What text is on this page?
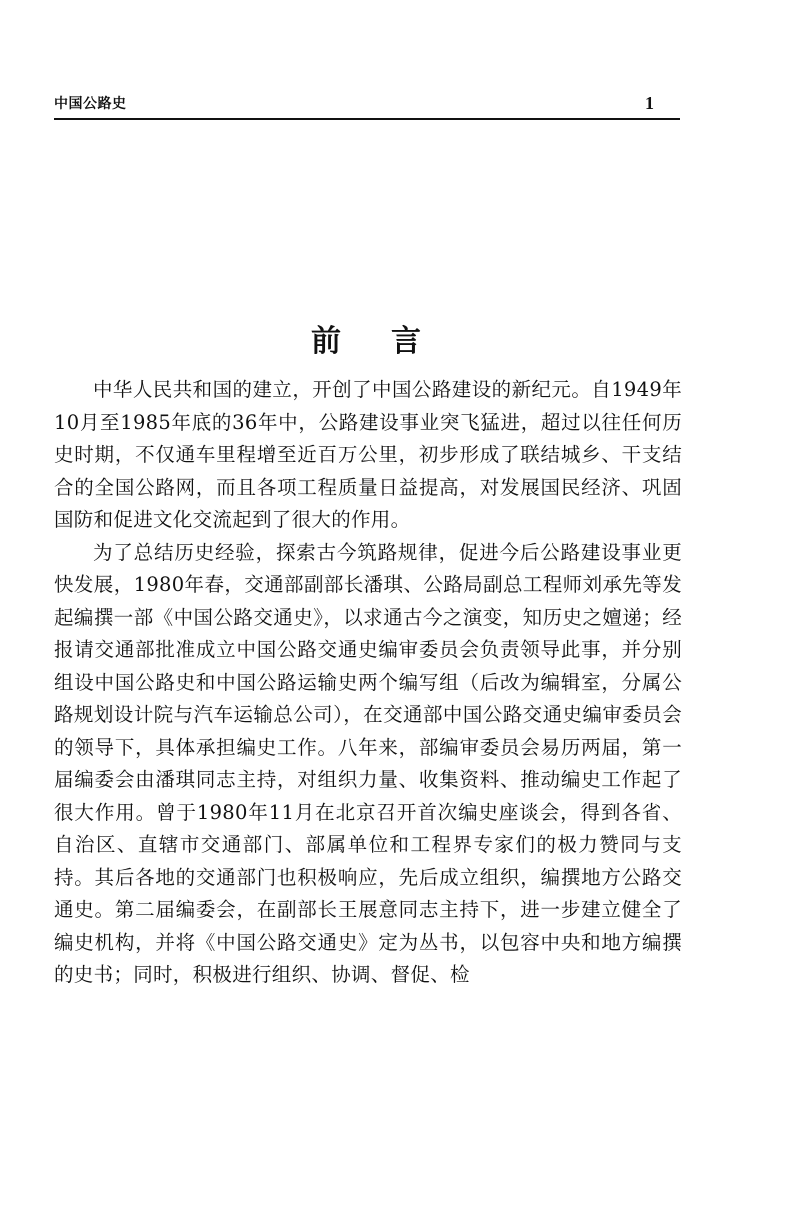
中国公路史	1
前言

中华人民共和国的建立，开创了中国公路建设的新纪元。自1949年10月至1985年底的36年中，公路建设事业突飞猛进，超过以往任何历史时期，不仅通车里程增至近百万公里，初步形成了联结城乡、干支结合的全国公路网，而且各项工程质量日益提高，对发展国民经济、巩固国防和促进文化交流起到了很大的作用。

为了总结历史经验，探索古今筑路规律，促进今后公路建设事业更快发展，1980年春，交通部副部长潘琪、公路局副总工程师刘承先等发起编撰一部《中国公路交通史》，以求通古今之演变，知历史之嬗递；经报请交通部批准成立中国公路交通史编审委员会负责领导此事，并分别组设中国公路史和中国公路运输史两个编写组（后改为编辑室，分属公路规划设计院与汽车运输总公司），在交通部中国公路交通史编审委员会的领导下，具体承担编史工作。八年来，部编审委员会易历两届，第一届编委会由潘琪同志主持，对组织力量、收集资料、推动编史工作起了很大作用。曾于1980年11月在北京召开首次编史座谈会，得到各省、自治区、直辖市交通部门、部属单位和工程界专家们的极力赞同与支持。其后各地的交通部门也积极响应，先后成立组织，编撰地方公路交通史。第二届编委会，在副部长王展意同志主持下，进一步建立健全了编史机构，并将《中国公路交通史》定为丛书，以包容中央和地方编撰的史书；同时，积极进行组织、协调、督促、检
